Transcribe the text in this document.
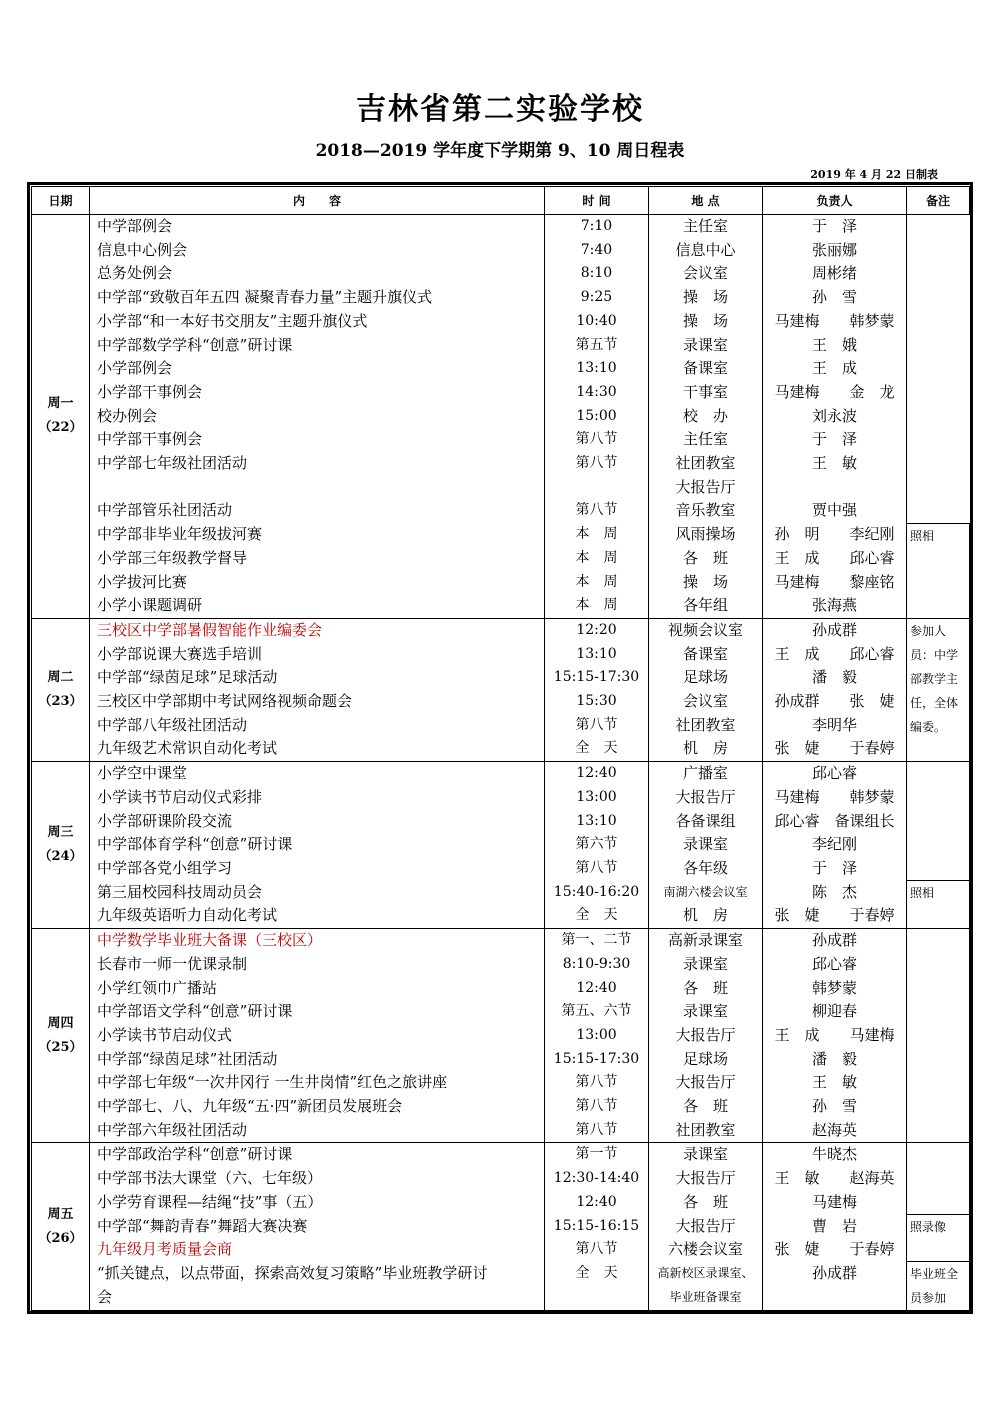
吉林省第二实验学校
2018—2019 学年度下学期第 9、10 周日程表
2019 年 4 月 22 日制表
日期	内　　容	时 间	地 点	负责人	备注

周一
（22）	中学部例会	7:10	主任室	于　泽	
	信息中心例会	7:40	信息中心	张丽娜	
	总务处例会	8:10	会议室	周彬绪	
	中学部“致敬百年五四 凝聚青春力量”主题升旗仪式	9:25	操　场	孙　雪	
	小学部“和一本好书交朋友”主题升旗仪式	10:40	操　场	马建梅　　韩梦蒙	
	中学部数学学科“创意”研讨课	第五节	录课室	王　娥	
	小学部例会	13:10	备课室	王　成	
	小学部干事例会	14:30	干事室	马建梅　　金　龙	
	校办例会	15:00	校　办	刘永波	
	中学部干事例会	第八节	主任室	于　泽	
	中学部七年级社团活动	第八节	社团教室	王　敏	
			大报告厅		
	中学部管乐社团活动	第八节	音乐教室	贾中强	
	中学部非毕业年级拔河赛	本　周	风雨操场	孙　明　　李纪刚	照相
	小学部三年级教学督导	本　周	各　班	王　成　　邱心睿	
	小学拔河比赛	本　周	操　场	马建梅　　黎座铭	
	小学小课题调研	本　周	各年组	张海燕	

周二
（23）	三校区中学部暑假智能作业编委会	12:20	视频会议室	孙成群	参加人员：中学部教学主任，全体编委。
	小学部说课大赛选手培训	13:10	备课室	王　成　　邱心睿	
	中学部“绿茵足球”足球活动	15:15-17:30	足球场	潘　毅	
	三校区中学部期中考试网络视频命题会	15:30	会议室	孙成群　　张　婕	
	中学部八年级社团活动	第八节	社团教室	李明华	
	九年级艺术常识自动化考试	全　天	机　房	张　婕　　于春婷	

周三
（24）	小学空中课堂	12:40	广播室	邱心睿	
	小学读书节启动仪式彩排	13:00	大报告厅	马建梅　　韩梦蒙	
	小学部研课阶段交流	13:10	各备课组	邱心睿　备课组长	
	中学部体育学科“创意”研讨课	第六节	录课室	李纪刚	
	中学部各党小组学习	第八节	各年级	于　泽	
	第三届校园科技周动员会	15:40-16:20	南湖六楼会议室	陈　杰	照相
	九年级英语听力自动化考试	全　天	机　房	张　婕　　于春婷	

周四
（25）	中学数学毕业班大备课（三校区）	第一、二节	高新录课室	孙成群	
	长春市一师一优课录制	8:10-9:30	录课室	邱心睿	
	小学红领巾广播站	12:40	各　班	韩梦蒙	
	中学部语文学科“创意”研讨课	第五、六节	录课室	柳迎春	
	小学读书节启动仪式	13:00	大报告厅	王　成　　马建梅	
	中学部“绿茵足球”社团活动	15:15-17:30	足球场	潘　毅	
	中学部七年级“一次井冈行 一生井岗情”红色之旅讲座	第八节	大报告厅	王　敏	
	中学部七、八、九年级“五·四”新团员发展班会	第八节	各　班	孙　雪	
	中学部六年级社团活动	第八节	社团教室	赵海英	

周五
（26）	中学部政治学科“创意”研讨课	第一节	录课室	牛晓杰	
	中学部书法大课堂（六、七年级）	12:30-14:40	大报告厅	王　敏　　赵海英	
	小学劳育课程—结绳“技”事（五）	12:40	各　班	马建梅	
	中学部“舞韵青春”舞蹈大赛决赛	15:15-16:15	大报告厅	曹　岩	照录像
	九年级月考质量会商	第八节	六楼会议室	张　婕　　于春婷	
	“抓关键点，以点带面，探索高效复习策略”毕业班教学研讨	全　天	高新校区录课室、	孙成群	毕业班全员参加
	会		毕业班备课室		
